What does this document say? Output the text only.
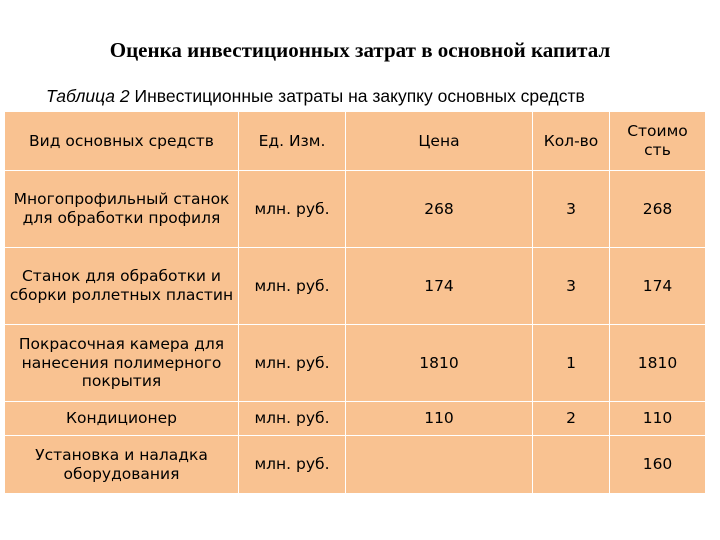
Оценка инвестиционных затрат в основной капитал
Таблица 2 Инвестиционные затраты на закупку основных средств
Вид основных средств	Ед. Изм.	Цена	Кол-во	Стоимо сть
Многопрофильный станок для обработки профиля	млн. руб.	268	3	268
Станок для обработки и сборки роллетных пластин	млн. руб.	174	3	174
Покрасочная камера для нанесения полимерного покрытия	млн. руб.	1810	1	1810
Кондиционер	млн. руб.	110	2	110
Установка и наладка оборудования	млн. руб.			160
